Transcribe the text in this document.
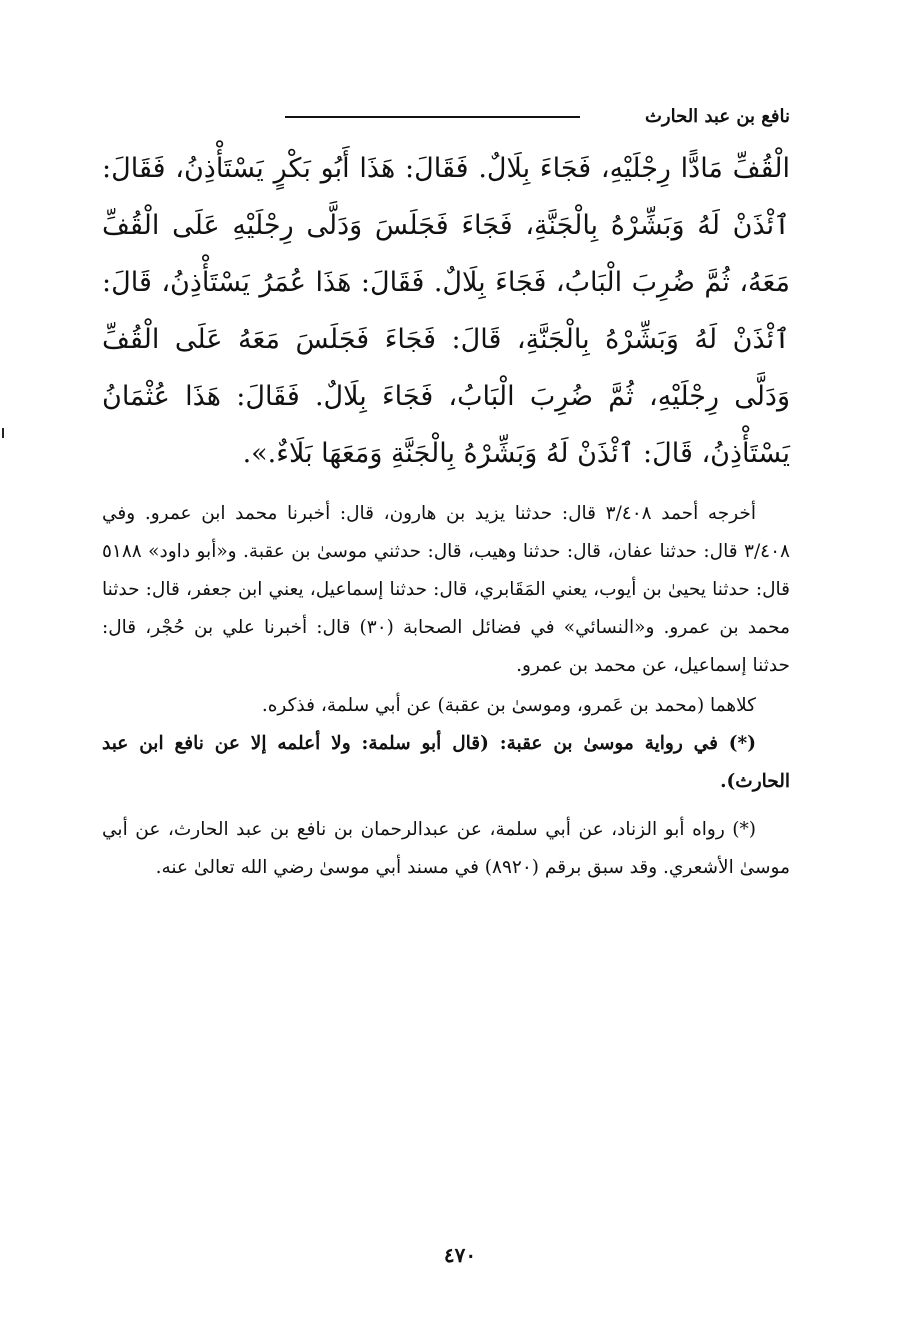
نافع بن عبد الحارث

الْقُفِّ مَادًّا رِجْلَيْهِ، فَجَاءَ بِلَالٌ. فَقَالَ: هَذَا أَبُو بَكْرٍ يَسْتَأْذِنُ، فَقَالَ: ٱئْذَنْ لَهُ وَبَشِّرْهُ بِالْجَنَّةِ، فَجَاءَ فَجَلَسَ وَدَلَّى رِجْلَيْهِ عَلَى الْقُفِّ مَعَهُ، ثُمَّ ضُرِبَ الْبَابُ، فَجَاءَ بِلَالٌ. فَقَالَ: هَذَا عُمَرُ يَسْتَأْذِنُ، قَالَ: ٱئْذَنْ لَهُ وَبَشِّرْهُ بِالْجَنَّةِ، قَالَ: فَجَاءَ فَجَلَسَ مَعَهُ عَلَى الْقُفِّ وَدَلَّى رِجْلَيْهِ، ثُمَّ ضُرِبَ الْبَابُ، فَجَاءَ بِلَالٌ. فَقَالَ: هَذَا عُثْمَانُ يَسْتَأْذِنُ، قَالَ: ٱئْذَنْ لَهُ وَبَشِّرْهُ بِالْجَنَّةِ وَمَعَهَا بَلَاءٌ.».

أخرجه أحمد ٣/٤٠٨ قال: حدثنا يزيد بن هارون، قال: أخبرنا محمد ابن عمرو. وفي ٣/٤٠٨ قال: حدثنا عفان، قال: حدثنا وهيب، قال: حدثني موسىٰ بن عقبة. و«أبو داود» ٥١٨٨ قال: حدثنا يحيىٰ بن أيوب، يعني المَقَابري، قال: حدثنا إسماعيل، يعني ابن جعفر، قال: حدثنا محمد بن عمرو. و«النسائي» في فضائل الصحابة (٣٠) قال: أخبرنا علي بن حُجْر، قال: حدثنا إسماعيل، عن محمد بن عمرو.

كلاهما (محمد بن عَمرو، وموسىٰ بن عقبة) عن أبي سلمة، فذكره.

(*) في رواية موسىٰ بن عقبة: (قال أبو سلمة: ولا أعلمه إلا عن نافع ابن عبد الحارث).

(*) رواه أبو الزناد، عن أبي سلمة، عن عبدالرحمان بن نافع بن عبد الحارث، عن أبي موسىٰ الأشعري. وقد سبق برقم (٨٩٢٠) في مسند أبي موسىٰ رضي الله تعالىٰ عنه.

٤٧٠
